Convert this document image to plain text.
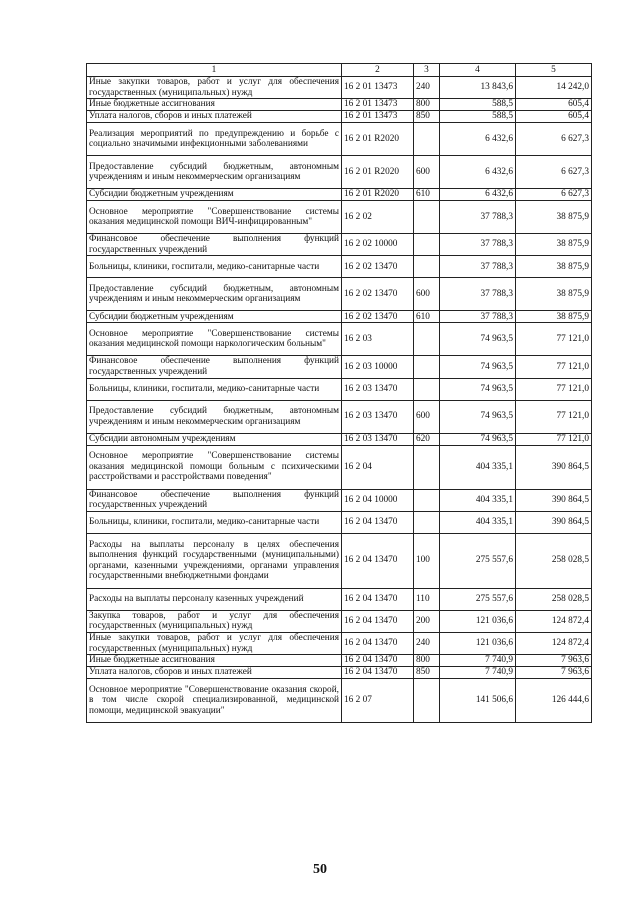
1	2	3	4	5
Иные закупки товаров, работ и услуг для обеспечения государственных (муниципальных) нужд	16 2 01 13473	240	13 843,6	14 242,0
Иные бюджетные ассигнования	16 2 01 13473	800	588,5	605,4
Уплата налогов, сборов и иных платежей	16 2 01 13473	850	588,5	605,4
Реализация мероприятий по предупреждению и борьбе с социально значимыми инфекционными заболеваниями	16 2 01 R2020		6 432,6	6 627,3
Предоставление субсидий бюджетным, автономным учреждениям и иным некоммерческим организациям	16 2 01 R2020	600	6 432,6	6 627,3
Субсидии бюджетным учреждениям	16 2 01 R2020	610	6 432,6	6 627,3
Основное мероприятие "Совершенствование системы оказания медицинской помощи ВИЧ-инфицированным"	16 2 02		37 788,3	38 875,9
Финансовое обеспечение выполнения функций государственных учреждений	16 2 02 10000		37 788,3	38 875,9
Больницы, клиники, госпитали, медико-санитарные части	16 2 02 13470		37 788,3	38 875,9
Предоставление субсидий бюджетным, автономным учреждениям и иным некоммерческим организациям	16 2 02 13470	600	37 788,3	38 875,9
Субсидии бюджетным учреждениям	16 2 02 13470	610	37 788,3	38 875,9
Основное мероприятие "Совершенствование системы оказания медицинской помощи наркологическим больным"	16 2 03		74 963,5	77 121,0
Финансовое обеспечение выполнения функций государственных учреждений	16 2 03 10000		74 963,5	77 121,0
Больницы, клиники, госпитали, медико-санитарные части	16 2 03 13470		74 963,5	77 121,0
Предоставление субсидий бюджетным, автономным учреждениям и иным некоммерческим организациям	16 2 03 13470	600	74 963,5	77 121,0
Субсидии автономным учреждениям	16 2 03 13470	620	74 963,5	77 121,0
Основное мероприятие "Совершенствование системы оказания медицинской помощи больным с психическими расстройствами и расстройствами поведения"	16 2 04		404 335,1	390 864,5
Финансовое обеспечение выполнения функций государственных учреждений	16 2 04 10000		404 335,1	390 864,5
Больницы, клиники, госпитали, медико-санитарные части	16 2 04 13470		404 335,1	390 864,5
Расходы на выплаты персоналу в целях обеспечения выполнения функций государственными (муниципальными) органами, казенными учреждениями, органами управления государственными внебюджетными фондами	16 2 04 13470	100	275 557,6	258 028,5
Расходы на выплаты персоналу казенных учреждений	16 2 04 13470	110	275 557,6	258 028,5
Закупка товаров, работ и услуг для обеспечения государственных (муниципальных) нужд	16 2 04 13470	200	121 036,6	124 872,4
Иные закупки товаров, работ и услуг для обеспечения государственных (муниципальных) нужд	16 2 04 13470	240	121 036,6	124 872,4
Иные бюджетные ассигнования	16 2 04 13470	800	7 740,9	7 963,6
Уплата налогов, сборов и иных платежей	16 2 04 13470	850	7 740,9	7 963,6
Основное мероприятие "Совершенствование оказания скорой, в том числе скорой специализированной, медицинской помощи, медицинской эвакуации"	16 2 07		141 506,6	126 444,6
50
